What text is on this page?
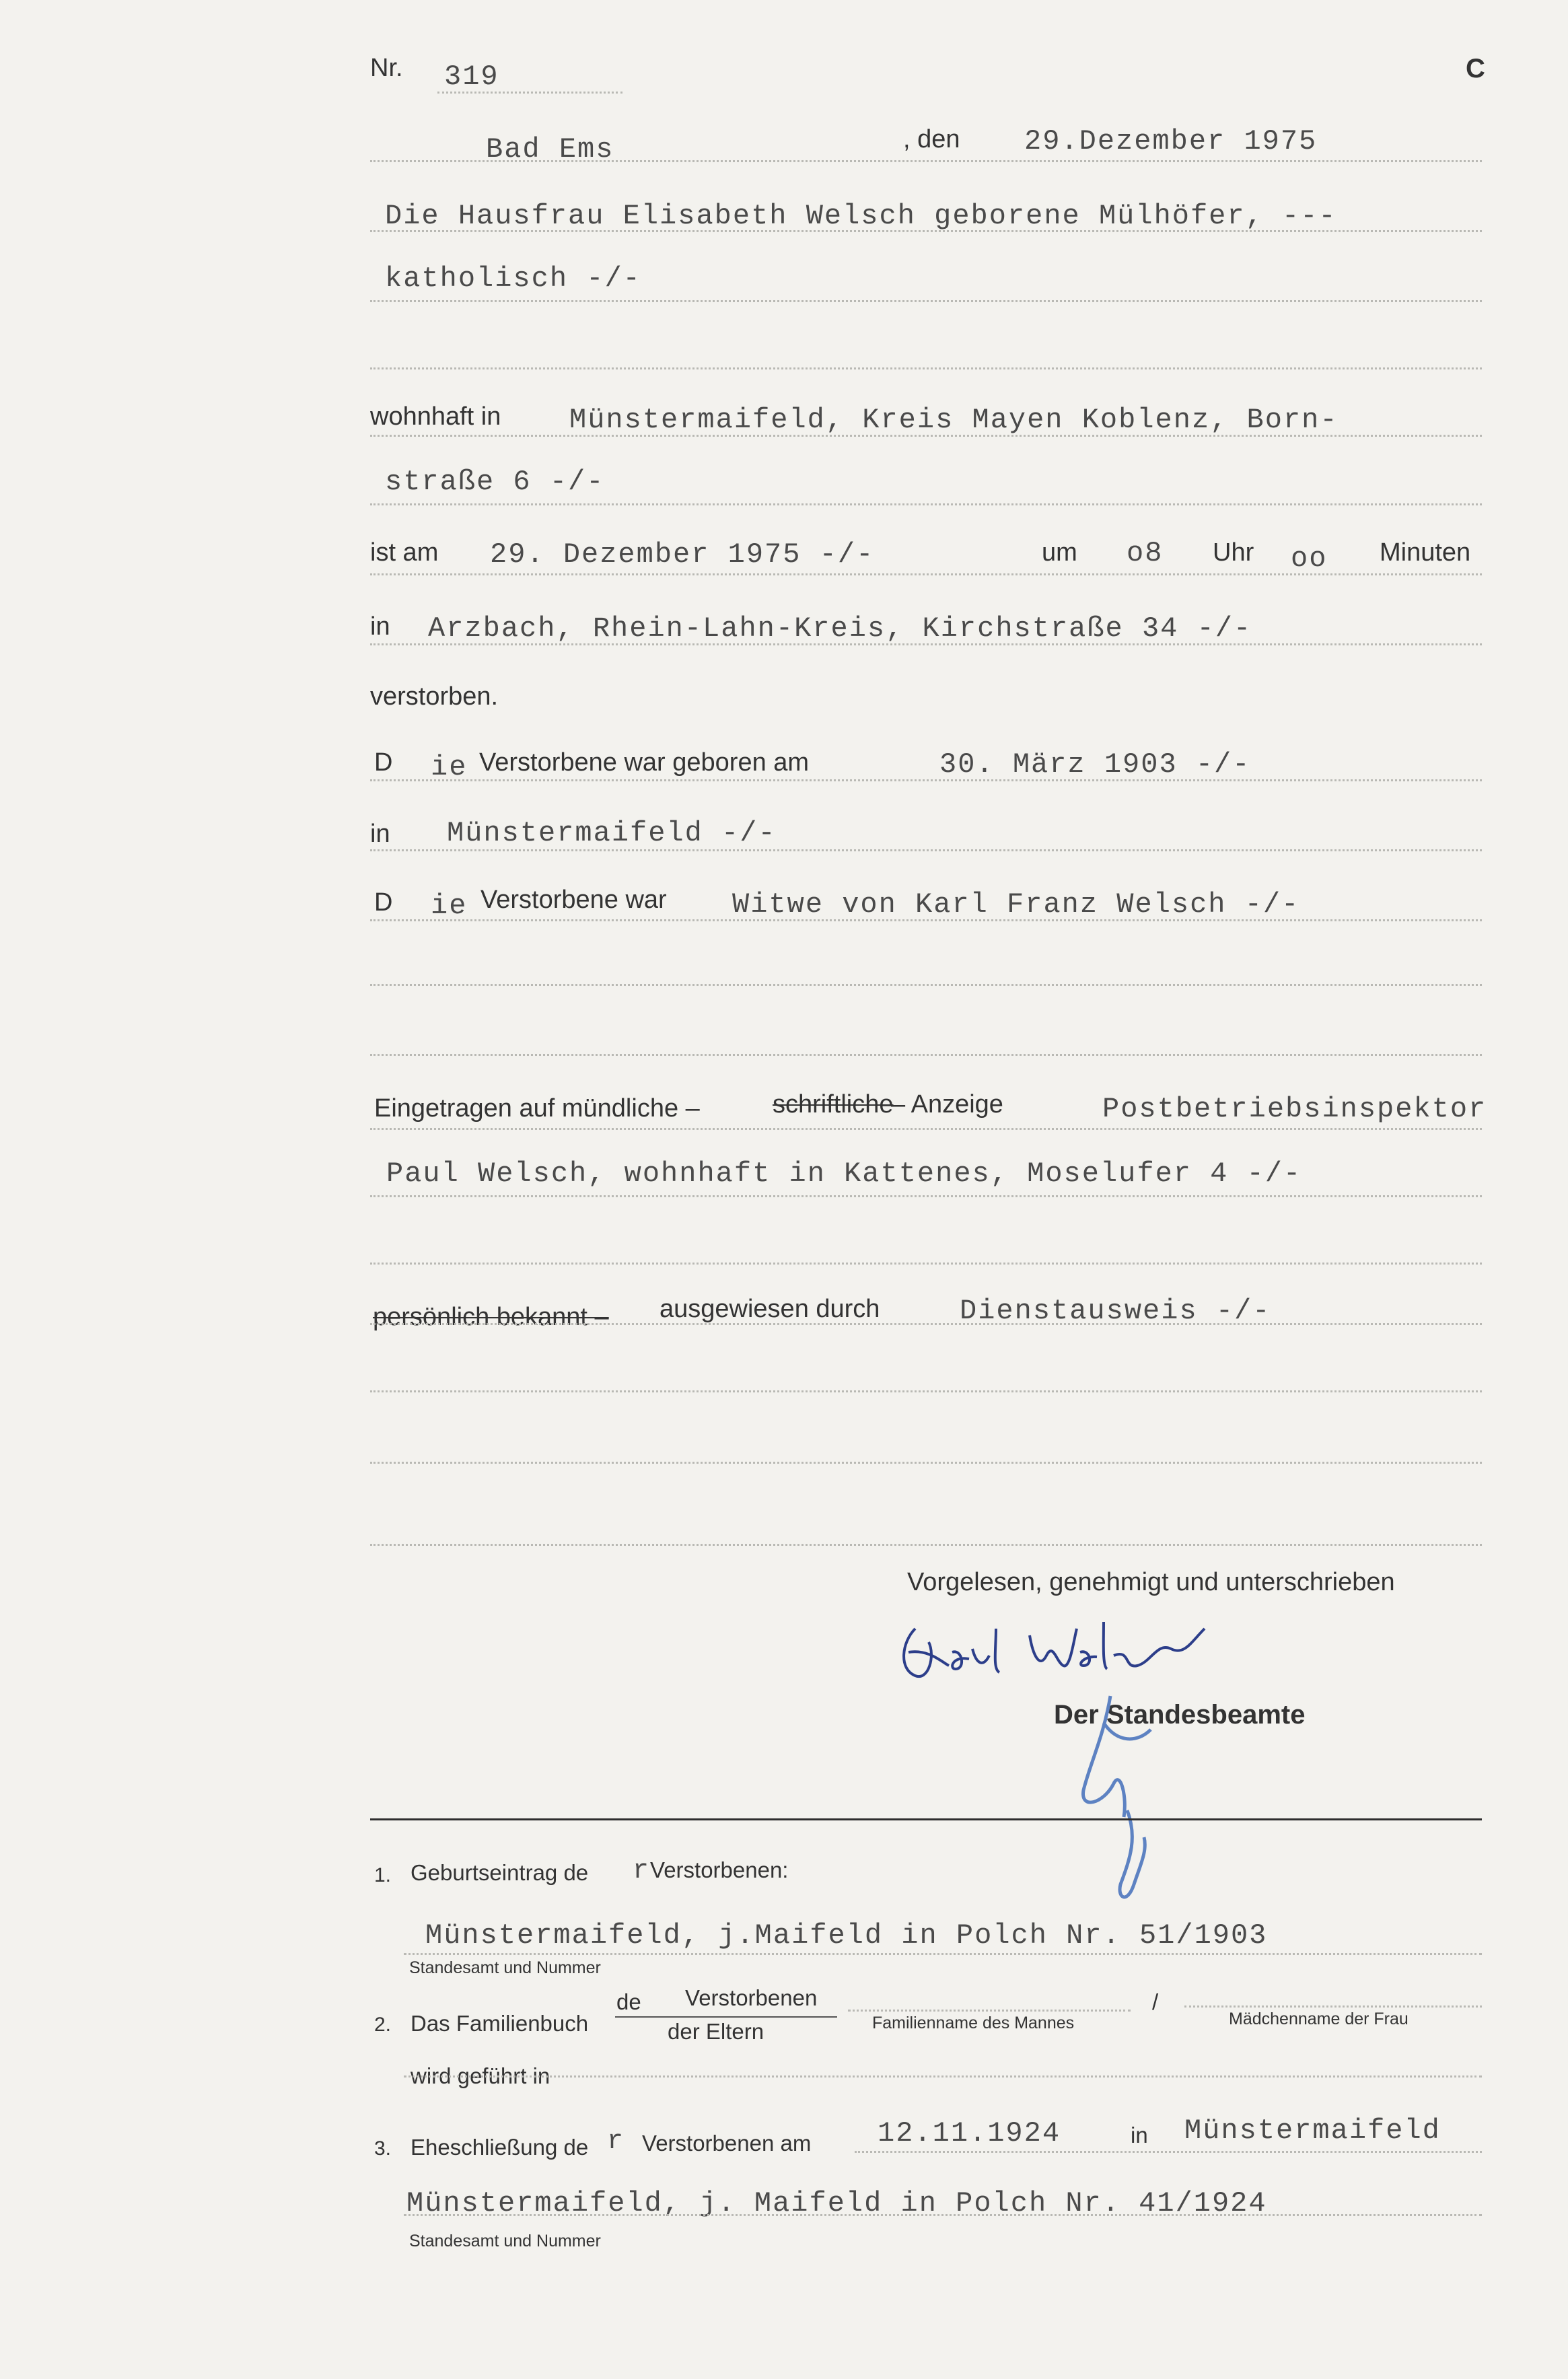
Nr. 319	C
Bad Ems	, den 29.Dezember 1975
Die Hausfrau Elisabeth Welsch geborene Mülhöfer, ---
katholisch -/-
wohnhaft in Münstermaifeld, Kreis Mayen Koblenz, Born-
straße 6 -/-
ist am 29. Dezember 1975 -/-	um o8 Uhr oo Minuten
in Arzbach, Rhein-Lahn-Kreis, Kirchstraße 34 -/-
verstorben.
D ie Verstorbene war geboren am	30. März 1903 -/-
in Münstermaifeld -/-
D ie Verstorbene war Witwe von Karl Franz Welsch -/-
Eingetragen auf mündliche –	schriftliche
– Anzeige	Postbetriebsinspektor
Paul Welsch, wohnhaft in Kattenes, Moselufer 4 -/-
persönlich bekannt – ausgewiesen durch	Dienstausweis -/-
Vorgelesen, genehmigt und unterschrieben
Der Standesbeamte
1. Geburtseintrag de r Verstorbenen:
Münstermaifeld, j.Maifeld in Polch Nr. 51/1903
Standesamt und Nummer
2. Das Familienbuch
de Verstorbenen
der Eltern	Familienname des Mannes
/
Mädchenname der Frau
wird geführt in
3. Eheschließung de r Verstorbenen am 12.11.1924	in Münstermaifeld
Münstermaifeld, j. Maifeld in Polch Nr. 41/1924
Standesamt und Nummer
